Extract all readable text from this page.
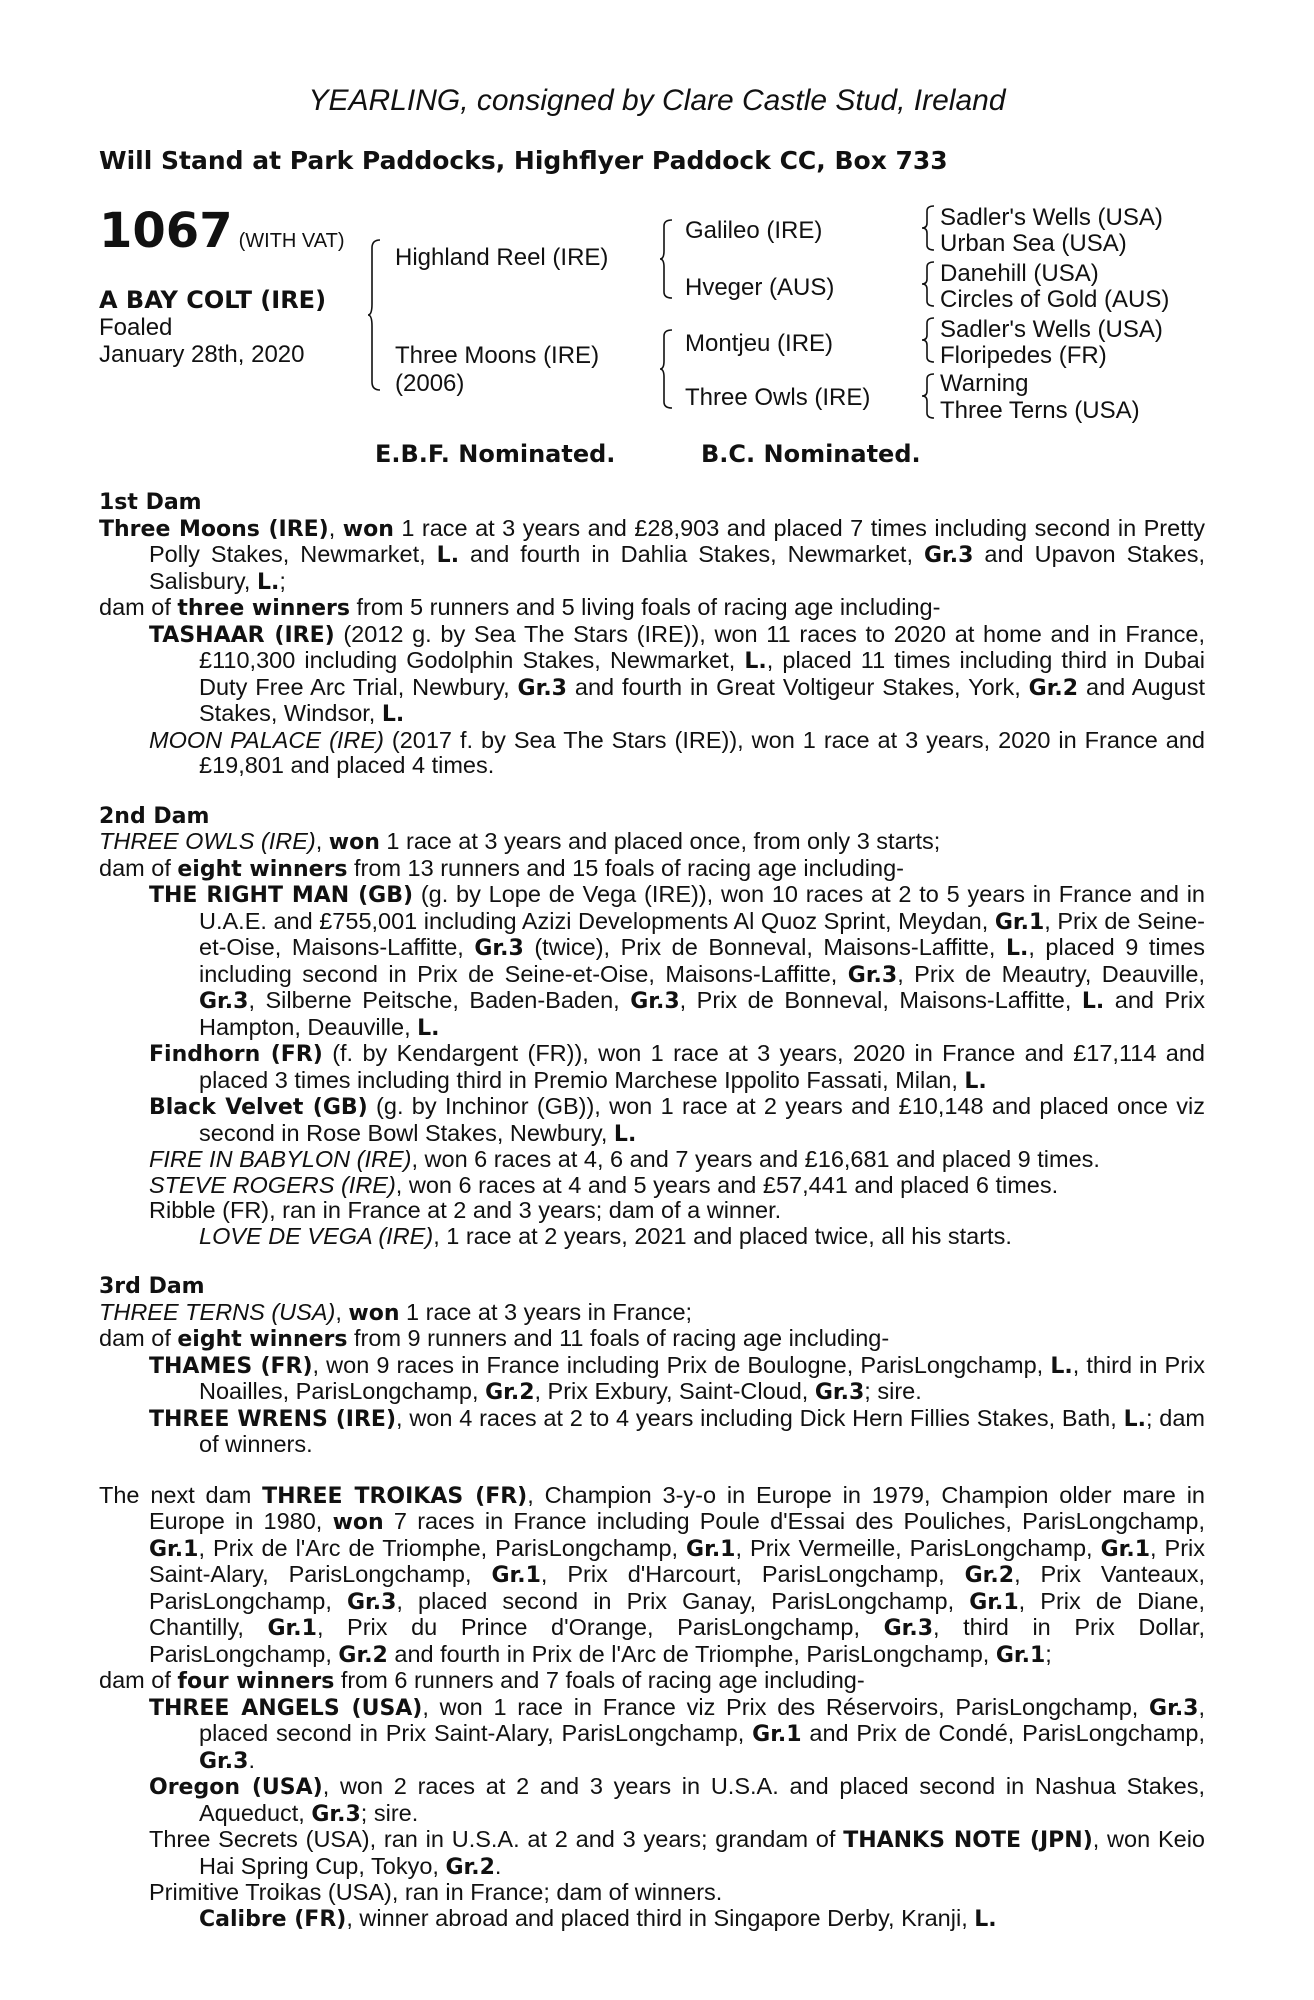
YEARLING, consigned by Clare Castle Stud, Ireland
Will Stand at Park Paddocks, Highflyer Paddock CC, Box 733
1067 (WITH VAT)
A BAY COLT (IRE)
Foaled
January 28th, 2020
Highland Reel (IRE)
Three Moons (IRE)
(2006)
Galileo (IRE)
Hveger (AUS)
Montjeu (IRE)
Three Owls (IRE)
Sadler's Wells (USA)
Urban Sea (USA)
Danehill (USA)
Circles of Gold (AUS)
Sadler's Wells (USA)
Floripedes (FR)
Warning
Three Terns (USA)
E.B.F. Nominated.	B.C. Nominated.
1st Dam

Three Moons (IRE), won 1 race at 3 years and £28,903 and placed 7 times including second in Pretty Polly Stakes, Newmarket, L. and fourth in Dahlia Stakes, Newmarket, Gr.3 and Upavon Stakes, Salisbury, L.;

dam of three winners from 5 runners and 5 living foals of racing age including-

TASHAAR (IRE) (2012 g. by Sea The Stars (IRE)), won 11 races to 2020 at home and in France, £110,300 including Godolphin Stakes, Newmarket, L., placed 11 times including third in Dubai Duty Free Arc Trial, Newbury, Gr.3 and fourth in Great Voltigeur Stakes, York, Gr.2 and August Stakes, Windsor, L.

MOON PALACE (IRE) (2017 f. by Sea The Stars (IRE)), won 1 race at 3 years, 2020 in France and £19,801 and placed 4 times.

2nd Dam

THREE OWLS (IRE), won 1 race at 3 years and placed once, from only 3 starts;

dam of eight winners from 13 runners and 15 foals of racing age including-

THE RIGHT MAN (GB) (g. by Lope de Vega (IRE)), won 10 races at 2 to 5 years in France and in U.A.E. and £755,001 including Azizi Developments Al Quoz Sprint, Meydan, Gr.1, Prix de Seine-et-Oise, Maisons-Laffitte, Gr.3 (twice), Prix de Bonneval, Maisons-Laffitte, L., placed 9 times including second in Prix de Seine-et-Oise, Maisons-Laffitte, Gr.3, Prix de Meautry, Deauville, Gr.3, Silberne Peitsche, Baden-Baden, Gr.3, Prix de Bonneval, Maisons-Laffitte, L. and Prix Hampton, Deauville, L.

Findhorn (FR) (f. by Kendargent (FR)), won 1 race at 3 years, 2020 in France and £17,114 and placed 3 times including third in Premio Marchese Ippolito Fassati, Milan, L.

Black Velvet (GB) (g. by Inchinor (GB)), won 1 race at 2 years and £10,148 and placed once viz second in Rose Bowl Stakes, Newbury, L.

FIRE IN BABYLON (IRE), won 6 races at 4, 6 and 7 years and £16,681 and placed 9 times.

STEVE ROGERS (IRE), won 6 races at 4 and 5 years and £57,441 and placed 6 times.

Ribble (FR), ran in France at 2 and 3 years; dam of a winner.

LOVE DE VEGA (IRE), 1 race at 2 years, 2021 and placed twice, all his starts.

3rd Dam

THREE TERNS (USA), won 1 race at 3 years in France;

dam of eight winners from 9 runners and 11 foals of racing age including-

THAMES (FR), won 9 races in France including Prix de Boulogne, ParisLongchamp, L., third in Prix Noailles, ParisLongchamp, Gr.2, Prix Exbury, Saint-Cloud, Gr.3; sire.

THREE WRENS (IRE), won 4 races at 2 to 4 years including Dick Hern Fillies Stakes, Bath, L.; dam of winners.

The next dam THREE TROIKAS (FR), Champion 3-y-o in Europe in 1979, Champion older mare in Europe in 1980, won 7 races in France including Poule d'Essai des Pouliches, ParisLongchamp, Gr.1, Prix de l'Arc de Triomphe, ParisLongchamp, Gr.1, Prix Vermeille, ParisLongchamp, Gr.1, Prix Saint-Alary, ParisLongchamp, Gr.1, Prix d'Harcourt, ParisLongchamp, Gr.2, Prix Vanteaux, ParisLongchamp, Gr.3, placed second in Prix Ganay, ParisLongchamp, Gr.1, Prix de Diane, Chantilly, Gr.1, Prix du Prince d'Orange, ParisLongchamp, Gr.3, third in Prix Dollar, ParisLongchamp, Gr.2 and fourth in Prix de l'Arc de Triomphe, ParisLongchamp, Gr.1;

dam of four winners from 6 runners and 7 foals of racing age including-

THREE ANGELS (USA), won 1 race in France viz Prix des Réservoirs, ParisLongchamp, Gr.3, placed second in Prix Saint-Alary, ParisLongchamp, Gr.1 and Prix de Condé, ParisLongchamp, Gr.3.

Oregon (USA), won 2 races at 2 and 3 years in U.S.A. and placed second in Nashua Stakes, Aqueduct, Gr.3; sire.

Three Secrets (USA), ran in U.S.A. at 2 and 3 years; grandam of THANKS NOTE (JPN), won Keio Hai Spring Cup, Tokyo, Gr.2.

Primitive Troikas (USA), ran in France; dam of winners.

Calibre (FR), winner abroad and placed third in Singapore Derby, Kranji, L.
